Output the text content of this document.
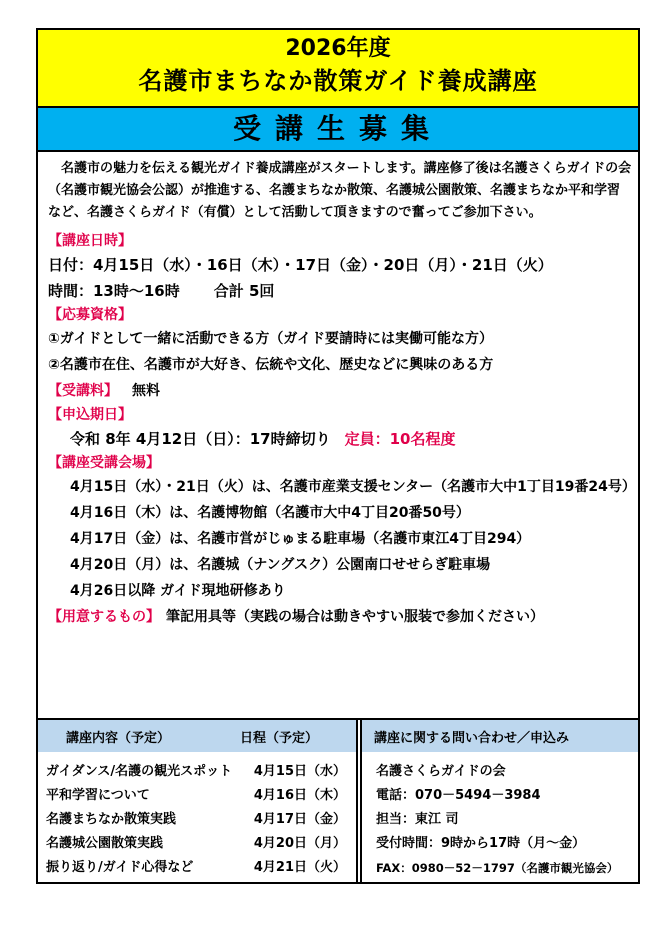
2026年度
名護市まちなか散策ガイド養成講座
受講生募集

名護市の魅力を伝える観光ガイド養成講座がスタートします。講座修了後は名護さくらガイドの会（名護市観光協会公認）が推進する、名護まちなか散策、名護城公園散策、名護まちなか平和学習など、名護さくらガイド（有償）として活動して頂きますので奮ってご参加下さい。

【講座日時】
日付：4月15日（水）・16日（木）・17日（金）・20日（月）・21日（火）
時間：13時～16時	合計 5回
【応募資格】
①ガイドとして一緒に活動できる方（ガイド要請時には実働可能な方）
②名護市在住、名護市が大好き、伝統や文化、歴史などに興味のある方
【受講料】 無料
【申込期日】
令和 8年 4月12日（日）：17時締切り 定員：10名程度
【講座受講会場】
4月15日（水）・21日（火）は、名護市産業支援センター（名護市大中1丁目19番24号）
4月16日（木）は、名護博物館（名護市大中4丁目20番50号）
4月17日（金）は、名護市営がじゅまる駐車場（名護市東江4丁目294）
4月20日（月）は、名護城（ナングスク）公園南口せせらぎ駐車場
4月26日以降 ガイド現地研修あり
【用意するもの】 筆記用具等（実践の場合は動きやすい服装で参加ください）
講座内容（予定）	日程（予定）
ガイダンス/名護の観光スポット 4月15日（水）
平和学習について	4月16日（木）
名護まちなか散策実践	4月17日（金）
名護城公園散策実践	4月20日（月）
振り返り/ガイド心得など	4月21日（火）
講座に関する問い合わせ／申込み
名護さくらガイドの会
電話：070－5494－3984
担当：東江 司
受付時間：9時から17時（月～金）
FAX：0980－52－1797（名護市観光協会）
